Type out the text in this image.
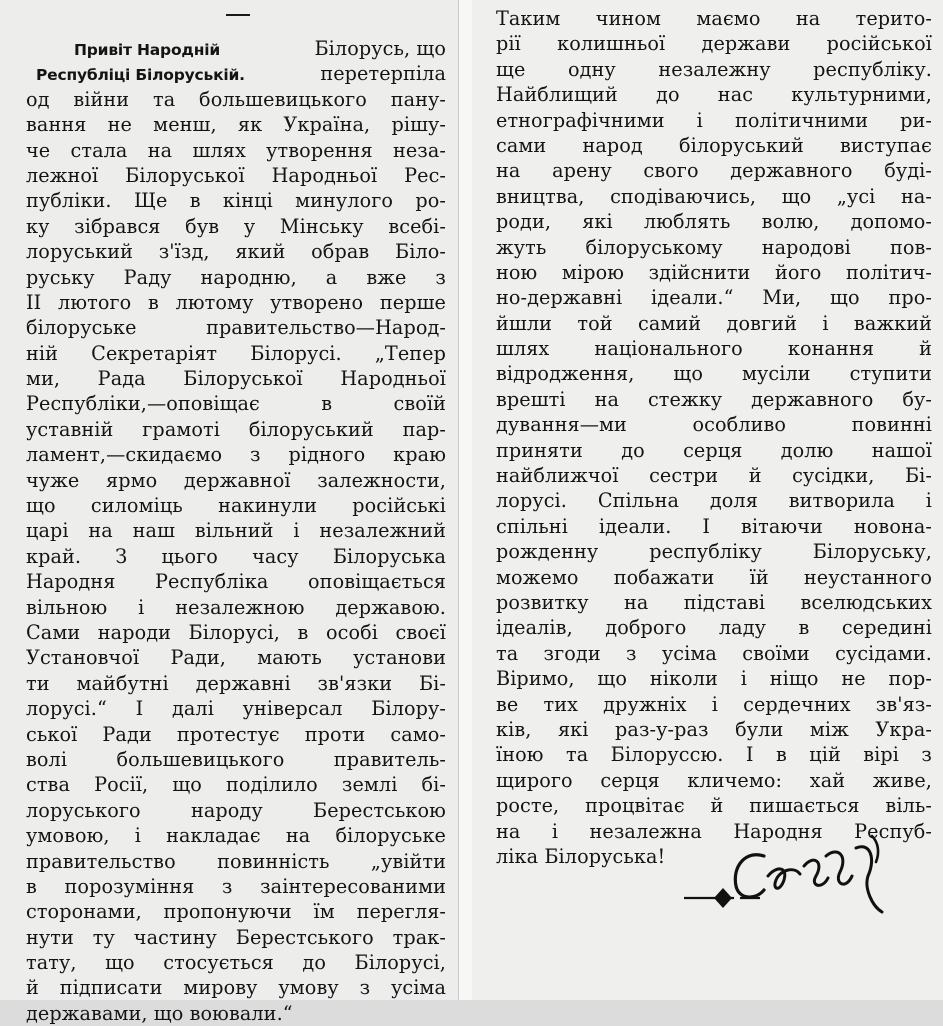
Привіт Народній	Білорусь, що
Республіці Білоруській.	перетерпіла
од війни та большевицького пану-
вання не менш, як Україна, рішу-
че стала на шлях утворення неза-
лежної Білоруської Народньої Рес-
публіки. Ще в кінці минулого ро-
ку зібрався був у Мінську всебі-
лоруський з'їзд, який обрав Біло-
руську Раду народню, а вже з
ІІ лютого в лютому утворено перше
білоруське правительство—Народ-
ній Секретаріят Білорусі. „Тепер
ми, Рада Білоруської Народньої
Республіки,—оповіщає в своїй
уставній грамоті білоруський пар-
ламент,—скидаємо з рідного краю
чуже ярмо державної залежности,
що силоміць накинули російські
царі на наш вільний і незалежний
край. З цього часу Білоруська
Народня Республіка оповіщається
вільною і незалежною державою.
Сами народи Білорусі, в особі своєї
Установчої Ради, мають установи
ти майбутні державні зв'язки Бі-
лорусі.“ І далі універсал Білору-
ської Ради протестує проти само-
волі большевицького правитель-
ства Росії, що поділило землі бі-
лоруського народу Берестською
умовою, і накладає на білоруське
правительство повинність „увійти
в порозуміння з заінтересованими
сторонами, пропонуючи їм перегля-
нути ту частину Берестського трак-
тату, що стосується до Білорусі,
й підписати мирову умову з усіма
державами, що воювали.“
Таким чином маємо на терито-
рії колишньої держави російської
ще одну незалежну республіку.
Найблищий до нас культурними,
етнографічними і політичними ри-
сами народ білоруський виступає
на арену свого державного буді-
вництва, сподіваючись, що „усі на-
роди, які люблять волю, допомо-
жуть білоруському народові пов-
ною мірою здійснити його політич-
но-державні ідеали.“ Ми, що про-
йшли той самий довгий і важкий
шлях національного конання й
відродження, що мусіли ступити
врешті на стежку державного бу-
дування—ми особливо повинні
приняти до серця долю нашої
найближчої сестри й сусідки, Бі-
лорусі. Спільна доля витворила і
спільні ідеали. І вітаючи новона-
рожденну республіку Білоруську,
можемо побажати їй неустанного
розвитку на підставі вселюдських
ідеалів, доброго ладу в середині
та згоди з усіма своїми сусідами.
Віримо, що ніколи і ніщо не пор-
ве тих дружніх і сердечних зв'яз-
ків, які раз-у-раз були між Укра-
їною та Білоруссю. І в цій вірі з
щирого серця кличемо: хай живе,
росте, процвітає й пишається віль-
на і незалежна Народня Респуб-
ліка Білоруська!
